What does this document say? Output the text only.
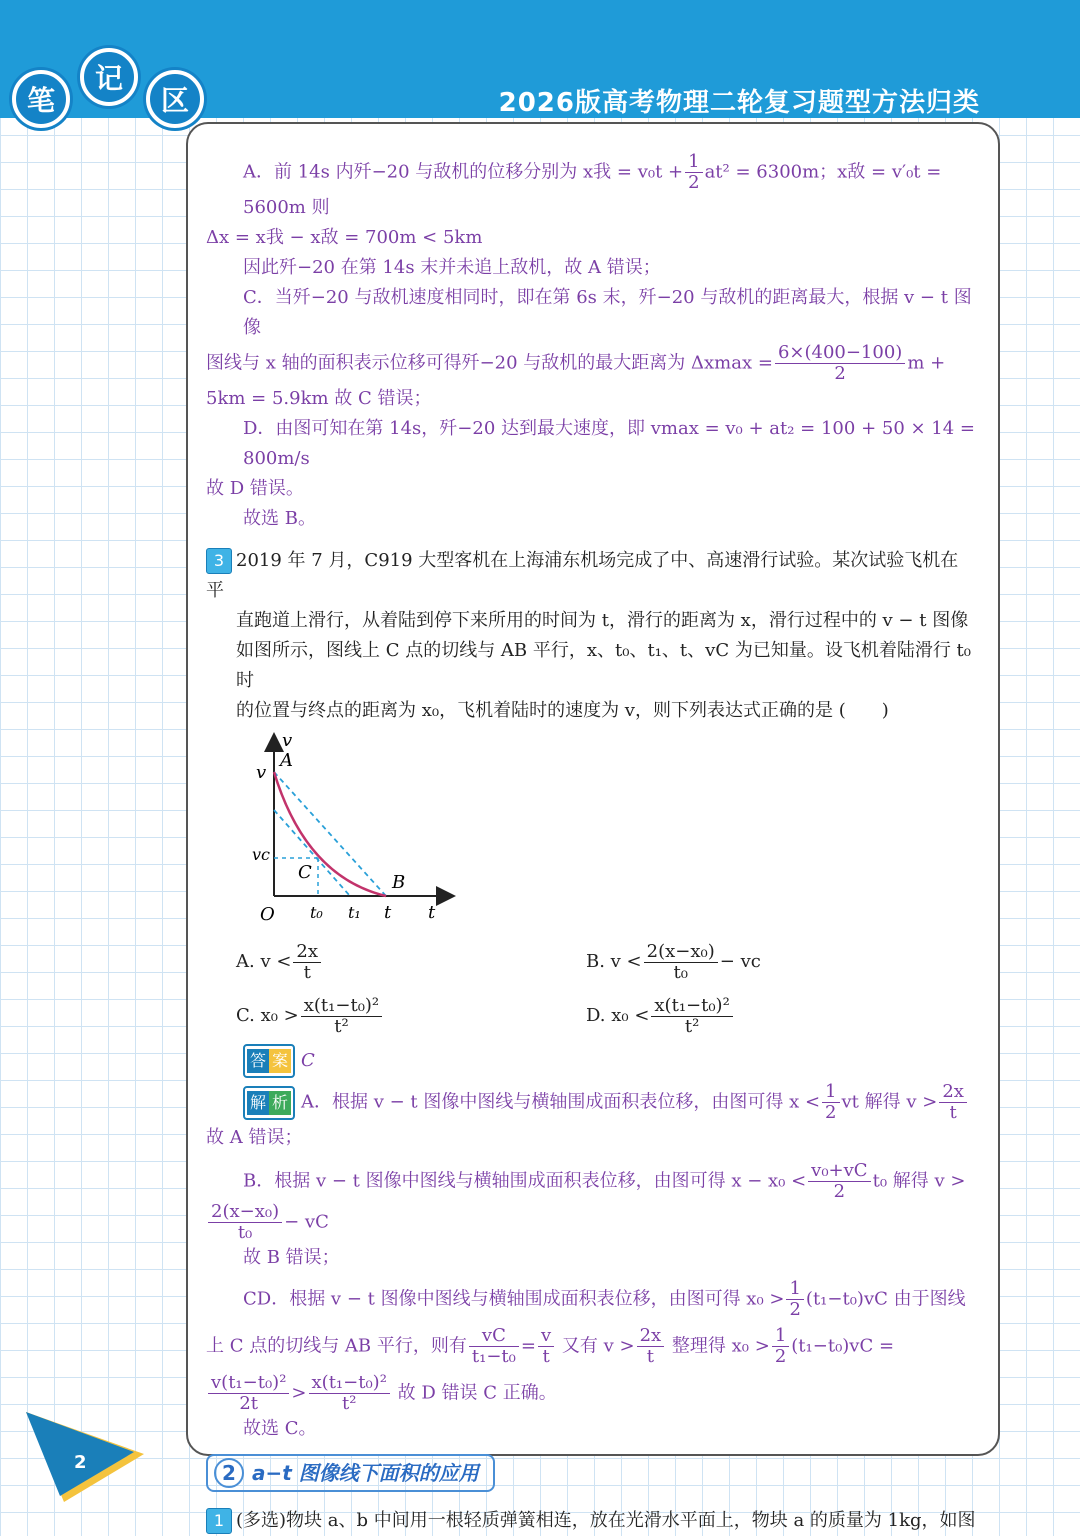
笔
记
区	2026版高考物理二轮复习题型方法归类

A．前 14s 内歼−20 与敌机的位移分别为 x我 = $v_0t + \frac{1}{2} at^2 = 6300m$；x敌 = v′₀t = 5600m 则

Δx = x我 − x敌 = 700m < 5km

因此歼−20 在第 14s 末并未追上敌机，故 A 错误；

C．当歼−20 与敌机速度相同时，即在第 6s 末，歼−20 与敌机的距离最大，根据 v − t 图像

图线与 x 轴的面积表示位移可得歼−20 与敌机的最大距离为 $\Delta xmax = \frac{6\times(400-100)}{2}$ m +

5km = 5.9km 故 C 错误；

D．由图可知在第 14s，歼−20 达到最大速度，即 vmax = v₀ + at₂ = 100 + 50 × 14 = 800m/s

故 D 错误。

故选 B。

3 2019 年 7 月，C919 大型客机在上海浦东机场完成了中、高速滑行试验。某次试验飞机在平

直跑道上滑行，从着陆到停下来所用的时间为 t，滑行的距离为 x，滑行过程中的 v − t 图像

如图所示，图线上 C 点的切线与 AB 平行，x、t₀、t₁、t、vC 为已知量。设飞机着陆滑行 t₀ 时

的位置与终点的距离为 x₀，飞机着陆时的速度为 v，则下列表达式正确的是 (　　)

v
A
v
vc
C	B
O t₀ t₁ t t
A. $v < \frac{2x}{t}$	B. $v < \frac{\text{2(x−x₀)}}{\text{t₀}}$ − vc
C. $x_0 > \frac{\text{x(t₁−t₀)²}}{\text{t²}}$	D. $x_0 < \frac{\text{x(t₁−t₀)²}}{\text{t²}}$

答 案 C

解 析 A．根据 v − t 图像中图线与横轴围成面积表位移，由图可得 $x < \frac{1}{2}$ vt 解得 $v > \frac{2x}{t}$

故 A 错误；

B．根据 v − t 图像中图线与横轴围成面积表位移，由图可得 $x - x_0 < \frac{\text{v₀+vC}}{2} t_0$ 解得 v >

$\frac{\text{2(x−x₀)}}{\text{t₀}}$ − vC

故 B 错误；

CD．根据 v − t 图像中图线与横轴围成面积表位移，由图可得 $x_0 > \frac{1}{2} (t_1-t_0)vC$ 由于图线

上 C 点的切线与 AB 平行，则有 $\frac{vC}{\text{t₁−t₀}} = \frac{v}{t}$ 又有 $v > \frac{2x}{t}$ 整理得 $x_0 > \frac{1}{2} (t_1-t_0)vC$ =

$\frac{\text{v(t₁−t₀)²}}{2t} > \frac{\text{x(t₁−t₀)²}}{\text{t²}}$ 故 D 错误 C 正确。

故选 C。

2 a−t 图像线下面积的应用

1 (多选)物块 a、b 中间用一根轻质弹簧相连，放在光滑水平面上，物块 a 的质量为 1kg，如图

2
